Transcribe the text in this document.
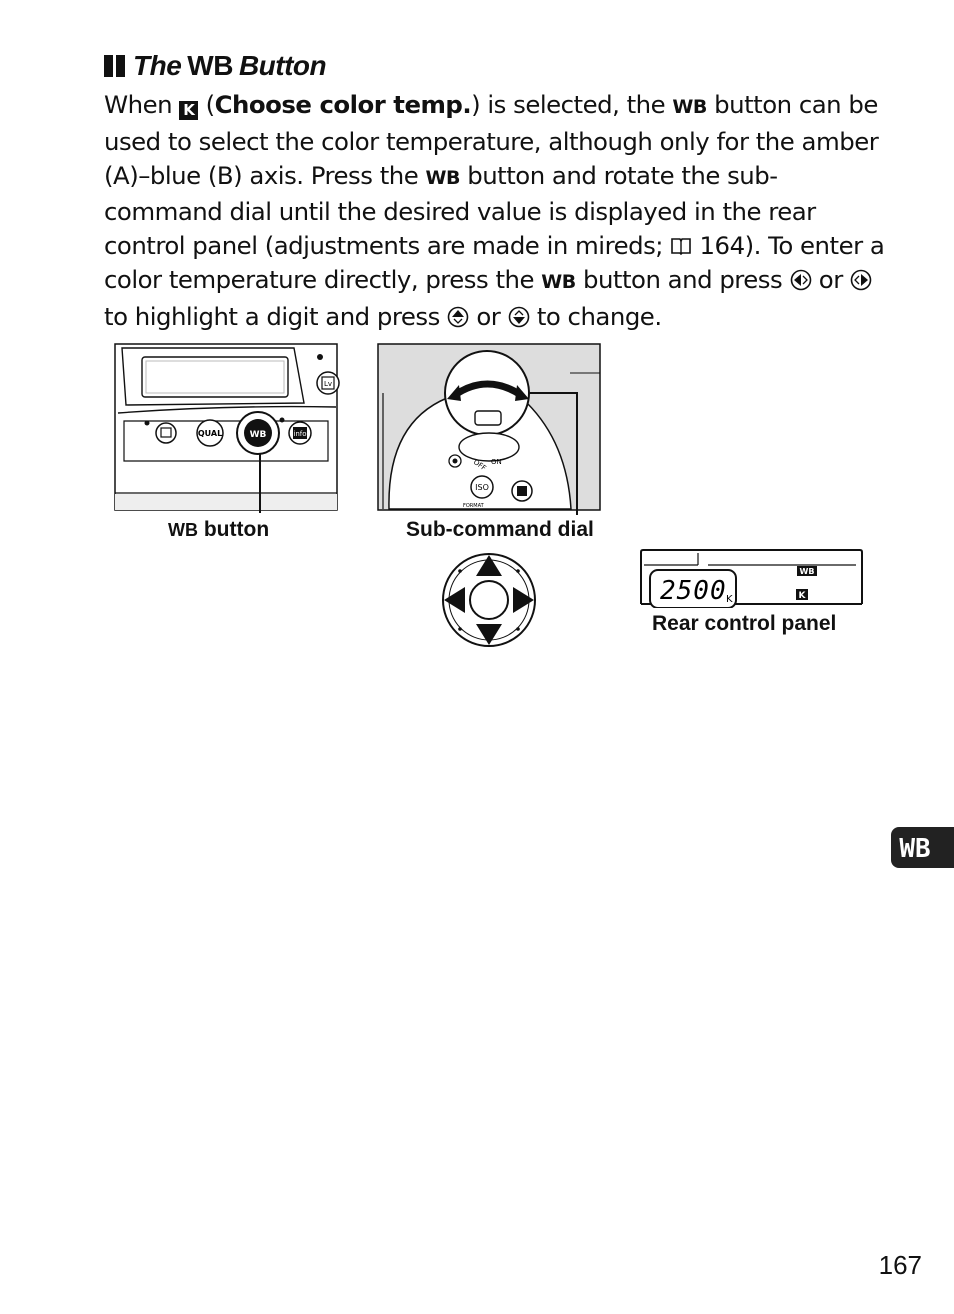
The WB Button
When K (Choose color temp.) is selected, the WB button can be
used to select the color temperature, although only for the amber
(A)–blue (B) axis. Press the WB button and rotate the sub-
command dial until the desired value is displayed in the rear
control panel (adjustments are made in mireds; 164). To enter a
color temperature directly, press the WB button and press or
to highlight a digit and press or to change.
Lv
QUAL	WB	info
OFF ON
ISO
FORMAT
2500 K
WB
K
WB button	Sub-command dial
Rear control panel
WB
167
